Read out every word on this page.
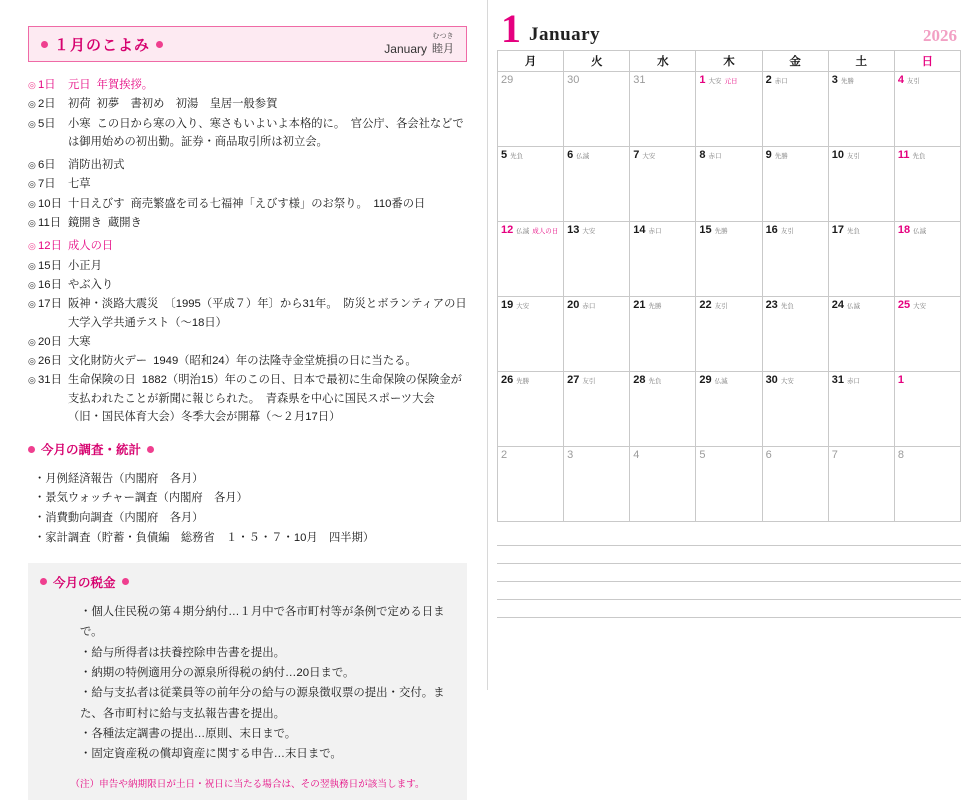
１月のこよみ	January
むつき
睦月
◎ 1日	元日 年賀挨拶。
◎ 2日	初荷 初夢　書初め　初湯　皇居一般参賀
◎ 5日	小寒 この日から寒の入り、寒さもいよいよ本格的に。　官公庁、各会社などでは御用始めの初出勤。証券・商品取引所は初立会。
◎ 6日	消防出初式
◎ 7日	七草
◎ 10日 十日えびす 商売繁盛を司る七福神「えびす様」のお祭り。　110番の日
◎ 11日 鏡開き 蔵開き
◎ 12日 成人の日
◎ 15日 小正月
◎ 16日 やぶ入り
◎ 17日 阪神・淡路大震災 〔1995（平成７）年〕から31年。　防災とボランティアの日　大学入学共通テスト（〜18日）
◎ 20日 大寒
◎ 26日 文化財防火デー 1949（昭和24）年の法隆寺金堂焼損の日に当たる。
◎ 31日 生命保険の日 1882（明治15）年のこの日、日本で最初に生命保険の保険金が支払われたことが新聞に報じられた。　青森県を中心に国民スポーツ大会（旧・国民体育大会）冬季大会が開幕（〜２月17日）
今月の調査・統計
・月例経済報告（内閣府　各月）
・景気ウォッチャー調査（内閣府　各月）
・消費動向調査（内閣府　各月）
・家計調査（貯蓄・負債編　総務省　１・５・７・10月　四半期）
今月の税金
・個人住民税の第４期分納付…１月中で各市町村等が条例で定める日まで。
・給与所得者は扶養控除申告書を提出。
・納期の特例適用分の源泉所得税の納付…20日まで。
・給与支払者は従業員等の前年分の給与の源泉徴収票の提出・交付。また、各市町村に給与支払報告書を提出。
・各種法定調書の提出…原則、末日まで。
・固定資産税の償却資産に関する申告…末日まで。
（注）申告や納期限日が土日・祝日に当たる場合は、その翌執務日が該当します。
1 January	2026
月	火	水	木	金	土	日

29	30	31	1 大安 元日	2 赤口	3 先勝	4 友引

5 先負	6 仏滅	7 大安	8 赤口	9 先勝	10 友引	11 先負

12 仏滅 成人の日	13 大安	14 赤口	15 先勝	16 友引	17 先負	18 仏滅

19 大安	20 赤口	21 先勝	22 友引	23 先負	24 仏滅	25 大安

26 先勝	27 友引	28 先負	29 仏滅	30 大安	31 赤口	1

2	3	4	5	6	7	8
